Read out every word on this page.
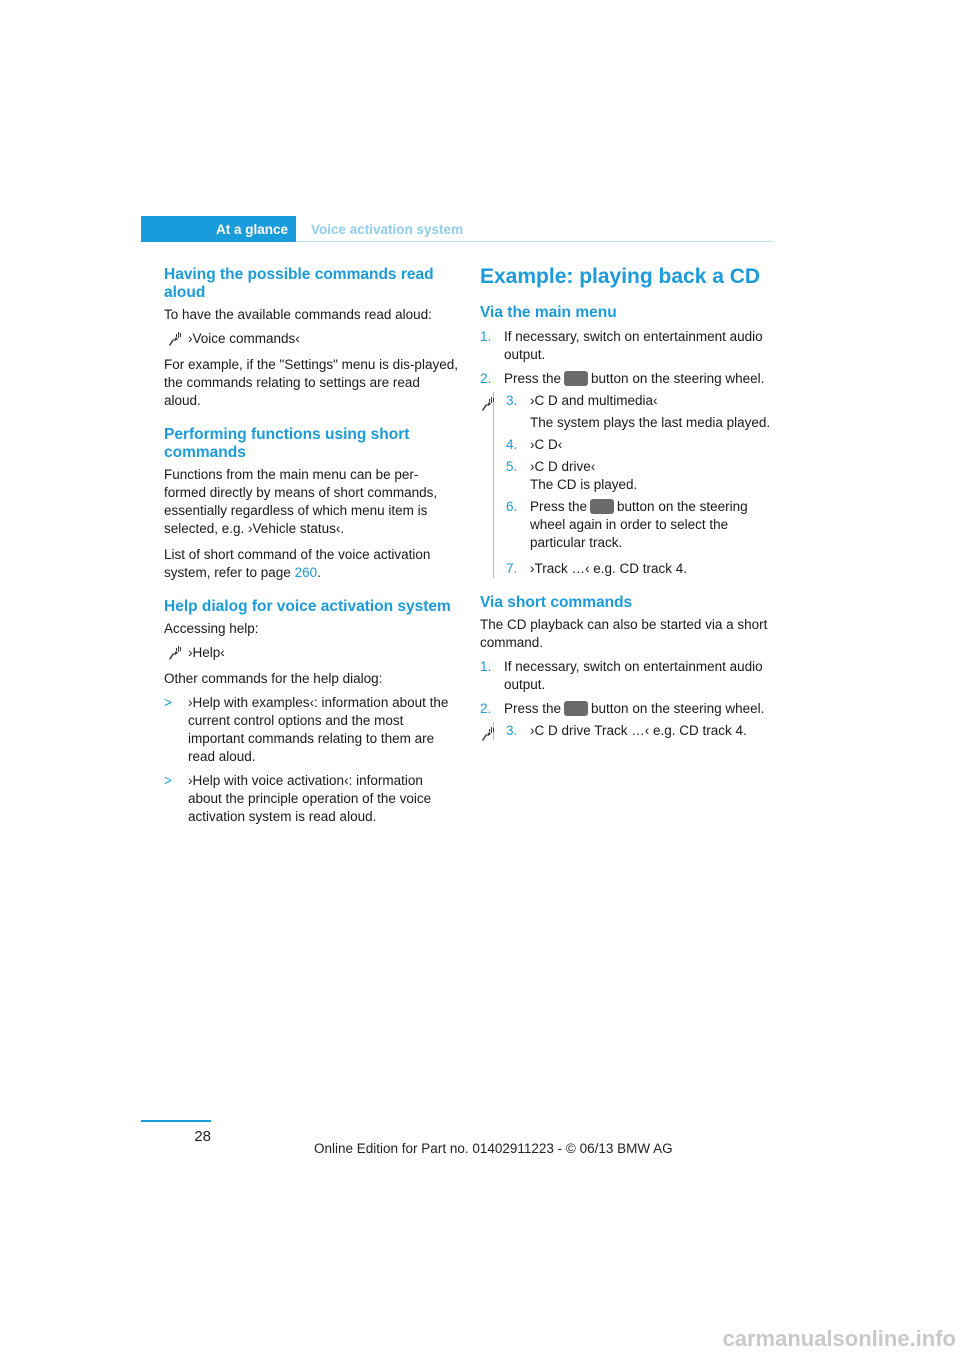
At a glance Voice activation system
Having the possible commands read aloud

To have the available commands read aloud:

›Voice commands‹

For example, if the "Settings" menu is dis-played, the commands relating to settings are read aloud.

Performing functions using short commands

Functions from the main menu can be per-formed directly by means of short commands, essentially regardless of which menu item is selected, e.g. ›Vehicle status‹.

List of short command of the voice activation system, refer to page 260.

Help dialog for voice activation system

Accessing help:

›Help‹

Other commands for the help dialog:

> ›Help with examples‹: information about the current control options and the most important commands relating to them are read aloud.
> ›Help with voice activation‹: information about the principle operation of the voice activation system is read aloud.
Example: playing back a CD
Via the main menu
1. If necessary, switch on entertainment audio output.
2. Press the button on the steering wheel.
3. ›C D and multimedia‹

The system plays the last media played.

4. ›C D‹
5. ›C D drive‹

The CD is played.

6. Press the button on the steering wheel again in order to select the particular track.
7. ›Track …‹ e.g. CD track 4.
Via short commands

The CD playback can also be started via a short command.

1. If necessary, switch on entertainment audio output.
2. Press the button on the steering wheel.
3. ›C D drive Track …‹ e.g. CD track 4.
28
Online Edition for Part no. 01402911223 - © 06/13 BMW AG
carmanualsonline.info
